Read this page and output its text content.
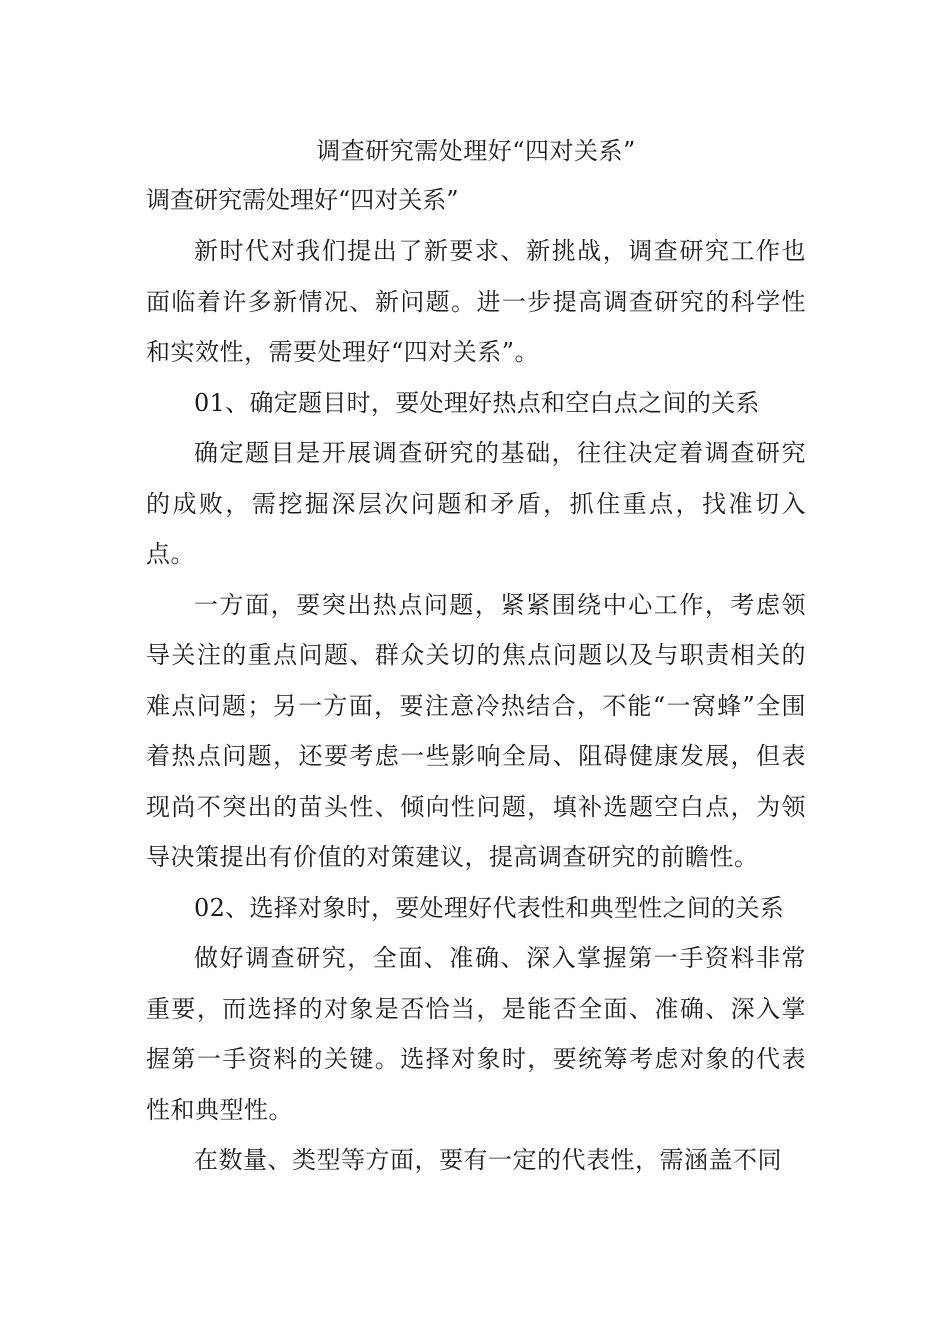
调查研究需处理好“四对关系”

调查研究需处理好“四对关系”

新时代对我们提出了新要求、新挑战，调查研究工作也面临着许多新情况、新问题。进一步提高调查研究的科学性和实效性，需要处理好“四对关系”。

01、确定题目时，要处理好热点和空白点之间的关系

确定题目是开展调查研究的基础，往往决定着调查研究的成败，需挖掘深层次问题和矛盾，抓住重点，找准切入点。

一方面，要突出热点问题，紧紧围绕中心工作，考虑领导关注的重点问题、群众关切的焦点问题以及与职责相关的难点问题；另一方面，要注意冷热结合，不能“一窝蜂”全围着热点问题，还要考虑一些影响全局、阻碍健康发展，但表现尚不突出的苗头性、倾向性问题，填补选题空白点，为领导决策提出有价值的对策建议，提高调查研究的前瞻性。

02、选择对象时，要处理好代表性和典型性之间的关系

做好调查研究，全面、准确、深入掌握第一手资料非常重要，而选择的对象是否恰当，是能否全面、准确、深入掌握第一手资料的关键。选择对象时，要统筹考虑对象的代表性和典型性。

在数量、类型等方面，要有一定的代表性，需涵盖不同
